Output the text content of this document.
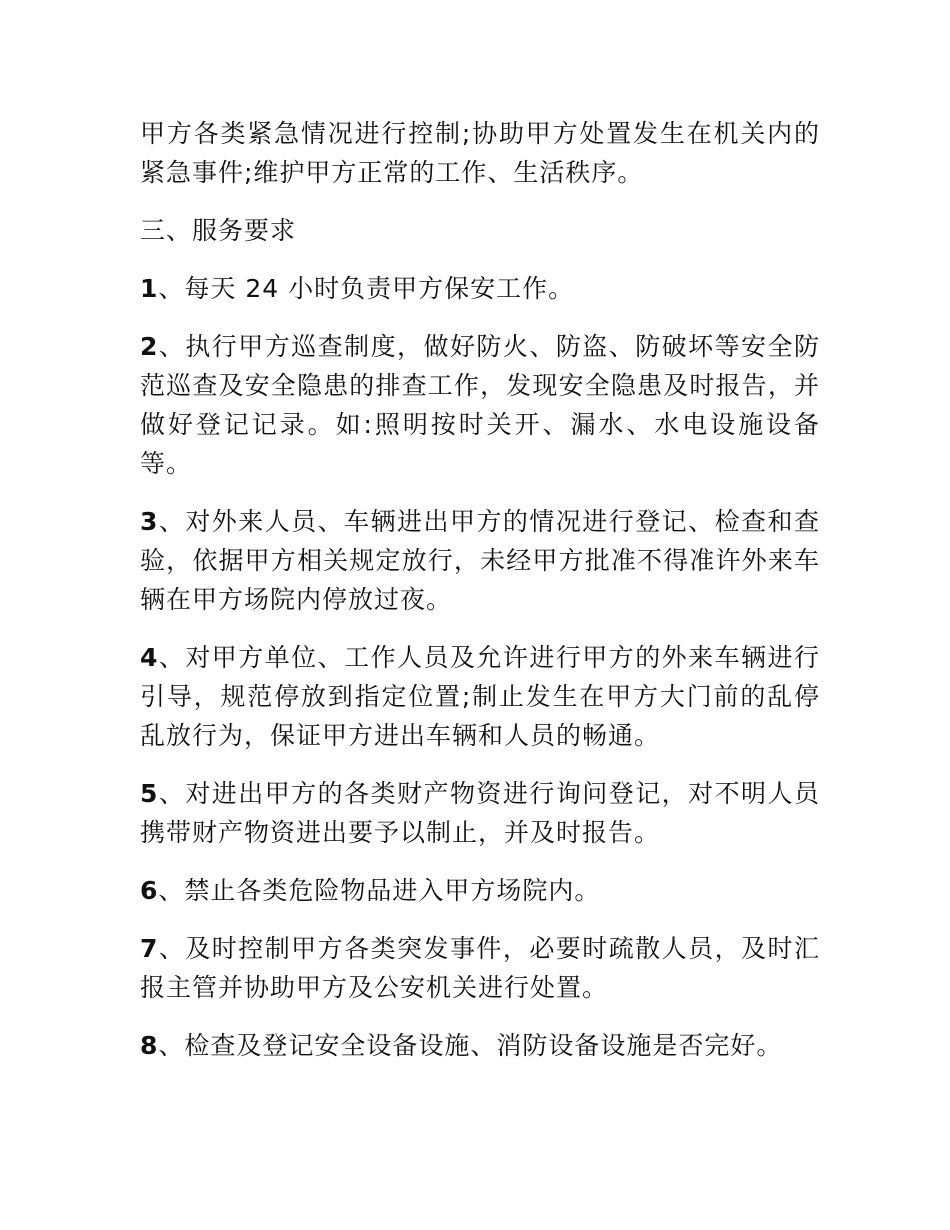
甲方各类紧急情况进行控制;协助甲方处置发生在机关内的紧急事件;维护甲方正常的工作、生活秩序。

三、服务要求

1、每天 24 小时负责甲方保安工作。

2、执行甲方巡查制度，做好防火、防盗、防破坏等安全防范巡查及安全隐患的排查工作，发现安全隐患及时报告，并做好登记记录。如:照明按时关开、漏水、水电设施设备等。

3、对外来人员、车辆进出甲方的情况进行登记、检查和查验，依据甲方相关规定放行，未经甲方批准不得准许外来车辆在甲方场院内停放过夜。

4、对甲方单位、工作人员及允许进行甲方的外来车辆进行引导，规范停放到指定位置;制止发生在甲方大门前的乱停乱放行为，保证甲方进出车辆和人员的畅通。

5、对进出甲方的各类财产物资进行询问登记，对不明人员携带财产物资进出要予以制止，并及时报告。

6、禁止各类危险物品进入甲方场院内。

7、及时控制甲方各类突发事件，必要时疏散人员，及时汇报主管并协助甲方及公安机关进行处置。

8、检查及登记安全设备设施、消防设备设施是否完好。
